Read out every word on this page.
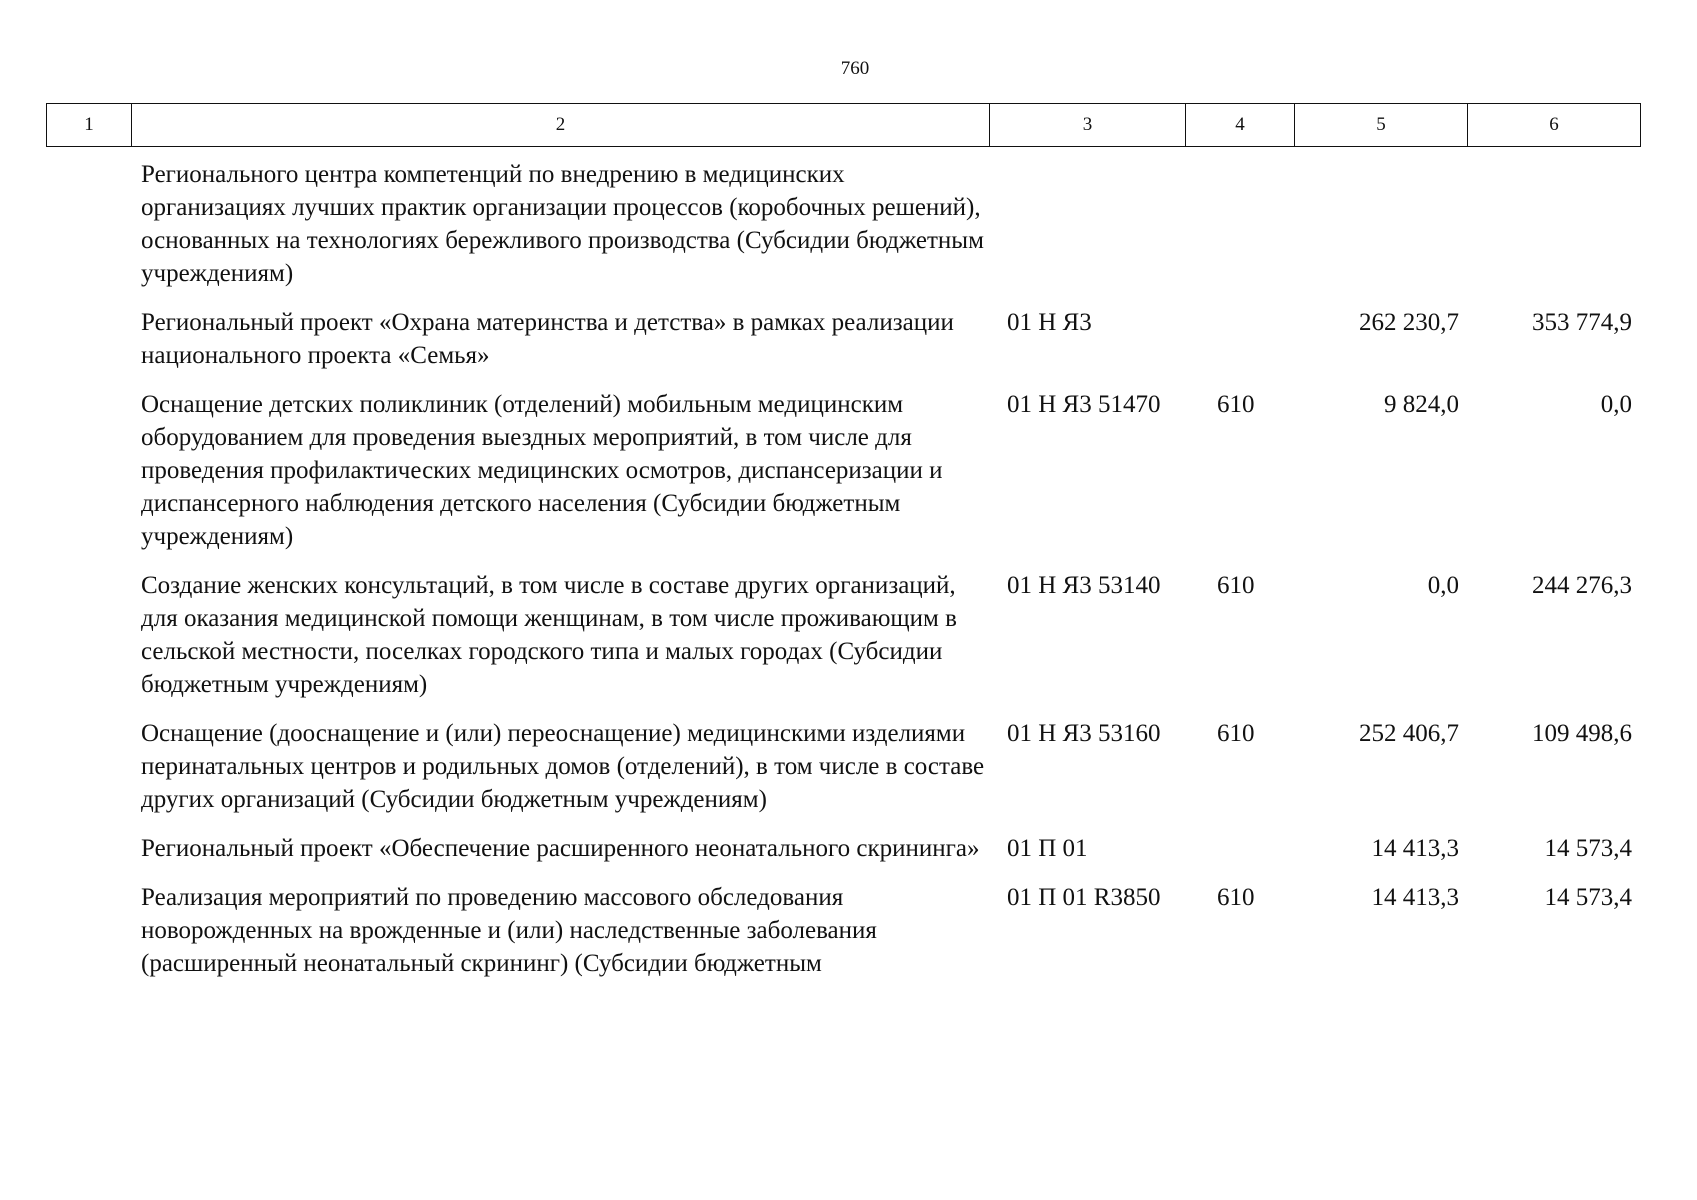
760
1	2	3	4	5	6
Регионального центра компетенций по внедрению в медицинских организациях лучших практик организации процессов (коробочных решений), основанных на технологиях бережливого производства (Субсидии бюджетным учреждениям)				
Региональный проект «Охрана материнства и детства» в рамках реализации национального проекта «Семья»	01 Н Я3		262 230,7	353 774,9
Оснащение детских поликлиник (отделений) мобильным медицинским оборудованием для проведения выездных мероприятий, в том числе для проведения профилактических медицинских осмотров, диспансеризации и диспансерного наблюдения детского населения (Субсидии бюджетным учреждениям)	01 Н Я3 51470	610	9 824,0	0,0
Создание женских консультаций, в том числе в составе других организаций, для оказания медицинской помощи женщинам, в том числе проживающим в сельской местности, поселках городского типа и малых городах (Субсидии бюджетным учреждениям)	01 Н Я3 53140	610	0,0	244 276,3
Оснащение (дооснащение и (или) переоснащение) медицинскими изделиями перинатальных центров и родильных домов (отделений), в том числе в составе других организаций (Субсидии бюджетным учреждениям)	01 Н Я3 53160	610	252 406,7	109 498,6
Региональный проект «Обеспечение расширенного неонатального скрининга»	01 П 01		14 413,3	14 573,4
Реализация мероприятий по проведению массового обследования новорожденных на врожденные и (или) наследственные заболевания (расширенный неонатальный скрининг) (Субсидии бюджетным	01 П 01 R3850	610	14 413,3	14 573,4
